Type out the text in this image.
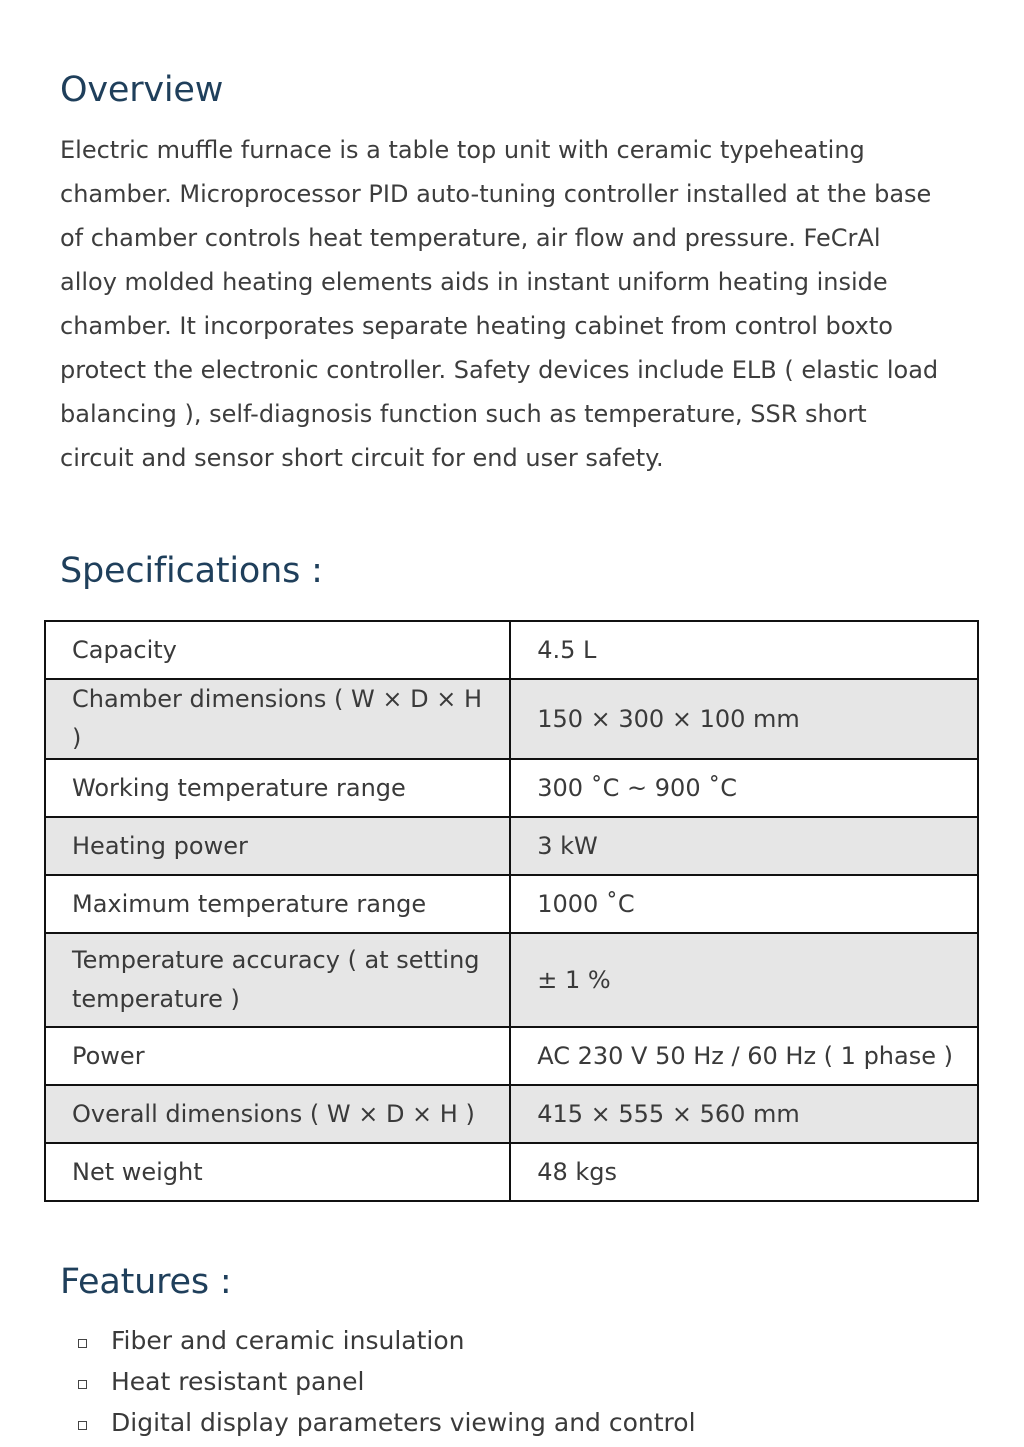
Overview

Electric muffle furnace is a table top unit with ceramic typeheating
chamber. Microprocessor PID auto-tuning controller installed at the base
of chamber controls heat temperature, air flow and pressure. FeCrAl
alloy molded heating elements aids in instant uniform heating inside
chamber. It incorporates separate heating cabinet from control boxto
protect the electronic controller. Safety devices include ELB ( elastic load
balancing ), self-diagnosis function such as temperature, SSR short
circuit and sensor short circuit for end user safety.

Specifications :
Capacity	4.5 L
Chamber dimensions ( W × D × H )	150 × 300 × 100 mm
Working temperature range	300 ˚C ~ 900 ˚C
Heating power	3 kW
Maximum temperature range	1000 ˚C
Temperature accuracy ( at setting
temperature )	± 1 %
Power	AC 230 V 50 Hz / 60 Hz ( 1 phase )
Overall dimensions ( W × D × H )	415 × 555 × 560 mm
Net weight	48 kgs
Features :
Fiber and ceramic insulation
Heat resistant panel
Digital display parameters viewing and control
